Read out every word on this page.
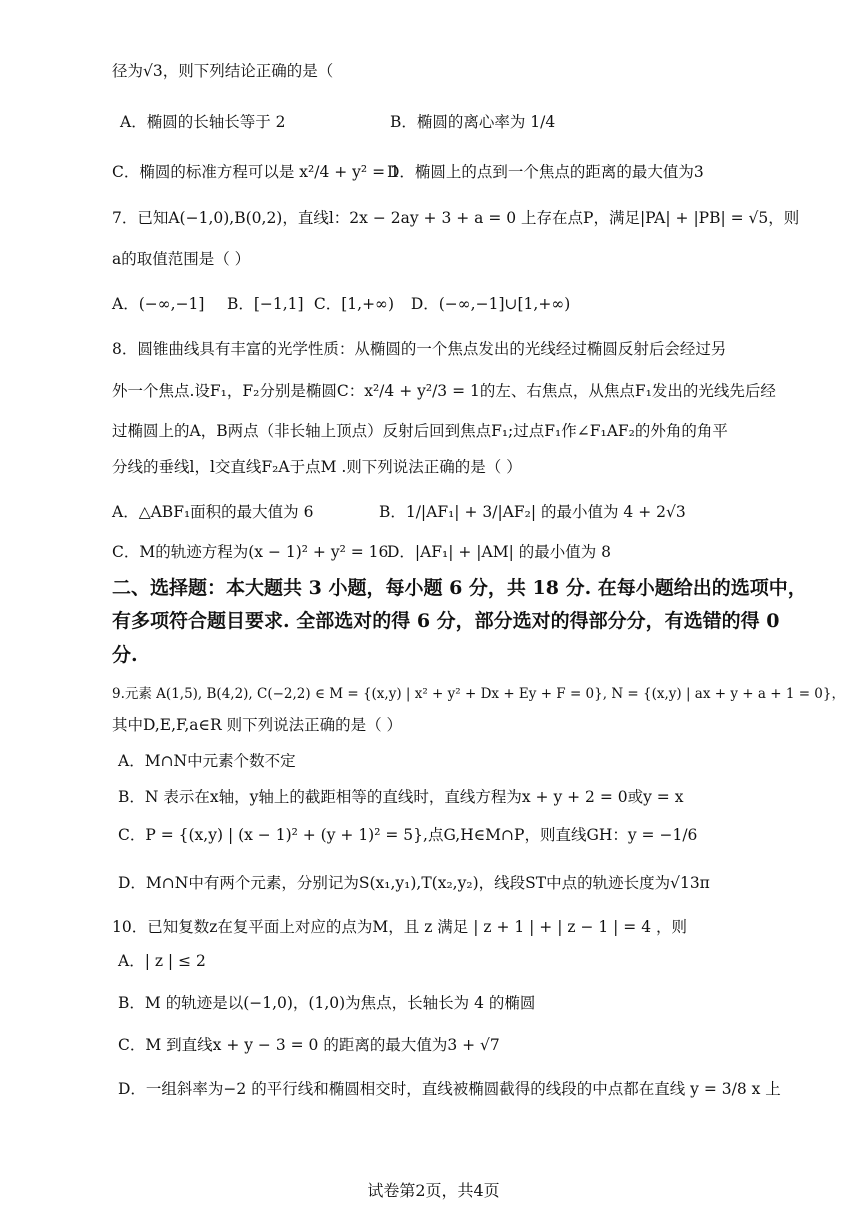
径为√3，则下列结论正确的是（
A．椭圆的长轴长等于 2	B．椭圆的离心率为 1/4
C．椭圆的标准方程可以是 x²/4 + y² = 1 D．椭圆上的点到一个焦点的距离的最大值为3
7．已知A(−1,0),B(0,2)，直线l：2x − 2ay + 3 + a = 0 上存在点P，满足|PA| + |PB| = √5，则
a的取值范围是（ ）
A．(−∞,−1] B．[−1,1] C．[1,+∞) D．(−∞,−1]∪[1,+∞)
8．圆锥曲线具有丰富的光学性质：从椭圆的一个焦点发出的光线经过椭圆反射后会经过另
外一个焦点.设F₁，F₂分别是椭圆C：x²/4 + y²/3 = 1的左、右焦点，从焦点F₁发出的光线先后经
过椭圆上的A，B两点（非长轴上顶点）反射后回到焦点F₁;过点F₁作∠F₁AF₂的外角的角平
分线的垂线l，l交直线F₂A于点M .则下列说法正确的是（ ）
A．△ABF₁面积的最大值为 6	B．1/|AF₁| + 3/|AF₂| 的最小值为 4 + 2√3
C．M的轨迹方程为(x − 1)² + y² = 16 D．|AF₁| + |AM| 的最小值为 8
二、选择题：本大题共 3 小题，每小题 6 分，共 18 分. 在每小题给出的选项中，
有多项符合题目要求. 全部选对的得 6 分，部分选对的得部分分，有选错的得 0
分.
9.元素 A(1,5), B(4,2), C(−2,2) ∈ M = {(x,y) | x² + y² + Dx + Ey + F = 0}, N = {(x,y) | ax + y + a + 1 = 0}，
其中D,E,F,a∈R 则下列说法正确的是（ ）
A．M∩N中元素个数不定
B．N 表示在x轴，y轴上的截距相等的直线时，直线方程为x + y + 2 = 0或y = x
C．P = {(x,y) | (x − 1)² + (y + 1)² = 5},点G,H∈M∩P，则直线GH：y = −1/6
D．M∩N中有两个元素，分别记为S(x₁,y₁),T(x₂,y₂)，线段ST中点的轨迹长度为√13π
10．已知复数z在复平面上对应的点为M，且 z 满足 | z + 1 | + | z − 1 | = 4 ，则
A．| z | ≤ 2
B．M 的轨迹是以(−1,0)，(1,0)为焦点，长轴长为 4 的椭圆
C．M 到直线x + y − 3 = 0 的距离的最大值为3 + √7
D．一组斜率为−2 的平行线和椭圆相交时，直线被椭圆截得的线段的中点都在直线 y = 3/8 x 上
试卷第2页，共4页
